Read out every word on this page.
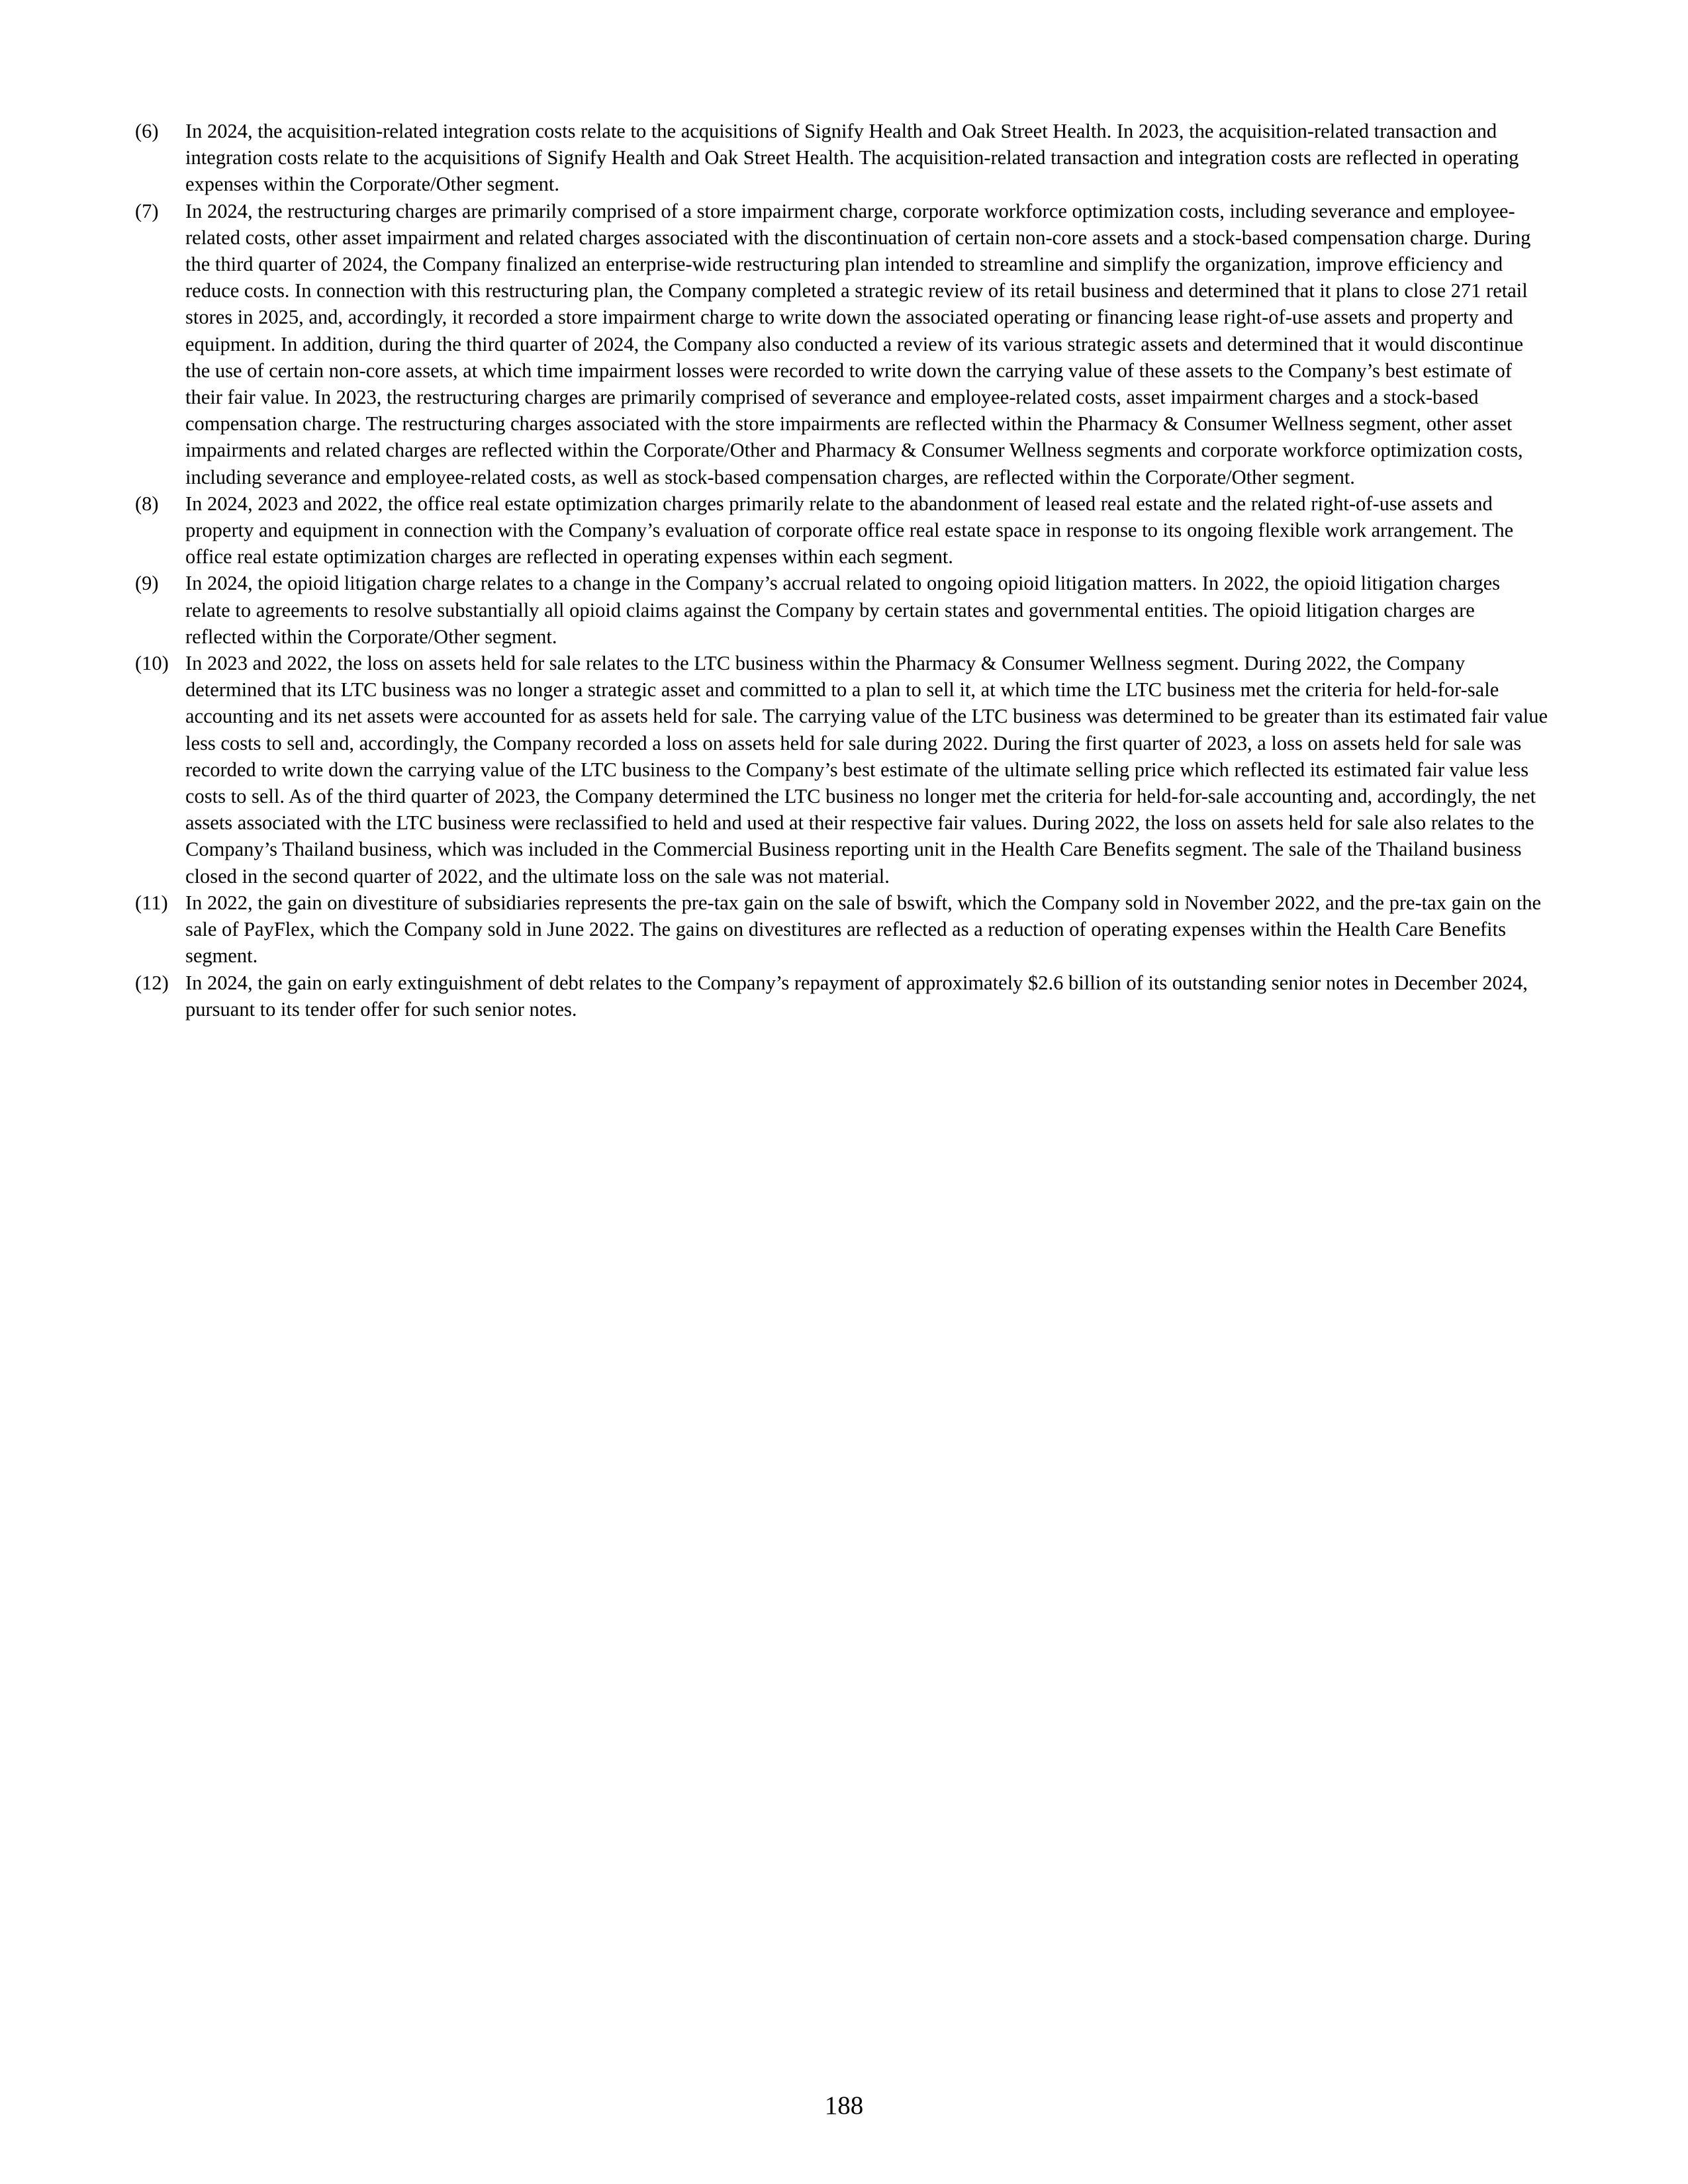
(6)	In 2024, the acquisition-related integration costs relate to the acquisitions of Signify Health and Oak Street Health. In 2023, the acquisition-related transaction and integration costs relate to the acquisitions of Signify Health and Oak Street Health. The acquisition-related transaction and integration costs are reflected in operating expenses within the Corporate/Other segment.

(7)	In 2024, the restructuring charges are primarily comprised of a store impairment charge, corporate workforce optimization costs, including severance and employee-related costs, other asset impairment and related charges associated with the discontinuation of certain non-core assets and a stock-based compensation charge. During the third quarter of 2024, the Company finalized an enterprise-wide restructuring plan intended to streamline and simplify the organization, improve efficiency and reduce costs. In connection with this restructuring plan, the Company completed a strategic review of its retail business and determined that it plans to close 271 retail stores in 2025, and, accordingly, it recorded a store impairment charge to write down the associated operating or financing lease right-of-use assets and property and equipment. In addition, during the third quarter of 2024, the Company also conducted a review of its various strategic assets and determined that it would discontinue the use of certain non-core assets, at which time impairment losses were recorded to write down the carrying value of these assets to the Company’s best estimate of their fair value. In 2023, the restructuring charges are primarily comprised of severance and employee-related costs, asset impairment charges and a stock-based compensation charge. The restructuring charges associated with the store impairments are reflected within the Pharmacy & Consumer Wellness segment, other asset impairments and related charges are reflected within the Corporate/Other and Pharmacy & Consumer Wellness segments and corporate workforce optimization costs, including severance and employee-related costs, as well as stock-based compensation charges, are reflected within the Corporate/Other segment.

(8)	In 2024, 2023 and 2022, the office real estate optimization charges primarily relate to the abandonment of leased real estate and the related right-of-use assets and property and equipment in connection with the Company’s evaluation of corporate office real estate space in response to its ongoing flexible work arrangement. The office real estate optimization charges are reflected in operating expenses within each segment.

(9)	In 2024, the opioid litigation charge relates to a change in the Company’s accrual related to ongoing opioid litigation matters. In 2022, the opioid litigation charges relate to agreements to resolve substantially all opioid claims against the Company by certain states and governmental entities. The opioid litigation charges are reflected within the Corporate/Other segment.

(10) In 2023 and 2022, the loss on assets held for sale relates to the LTC business within the Pharmacy & Consumer Wellness segment. During 2022, the Company determined that its LTC business was no longer a strategic asset and committed to a plan to sell it, at which time the LTC business met the criteria for held-for-sale accounting and its net assets were accounted for as assets held for sale. The carrying value of the LTC business was determined to be greater than its estimated fair value less costs to sell and, accordingly, the Company recorded a loss on assets held for sale during 2022. During the first quarter of 2023, a loss on assets held for sale was recorded to write down the carrying value of the LTC business to the Company’s best estimate of the ultimate selling price which reflected its estimated fair value less costs to sell. As of the third quarter of 2023, the Company determined the LTC business no longer met the criteria for held-for-sale accounting and, accordingly, the net assets associated with the LTC business were reclassified to held and used at their respective fair values. During 2022, the loss on assets held for sale also relates to the Company’s Thailand business, which was included in the Commercial Business reporting unit in the Health Care Benefits segment. The sale of the Thailand business closed in the second quarter of 2022, and the ultimate loss on the sale was not material.

(11) In 2022, the gain on divestiture of subsidiaries represents the pre-tax gain on the sale of bswift, which the Company sold in November 2022, and the pre-tax gain on the sale of PayFlex, which the Company sold in June 2022. The gains on divestitures are reflected as a reduction of operating expenses within the Health Care Benefits segment.

(12) In 2024, the gain on early extinguishment of debt relates to the Company’s repayment of approximately $2.6 billion of its outstanding senior notes in December 2024, pursuant to its tender offer for such senior notes.

188
